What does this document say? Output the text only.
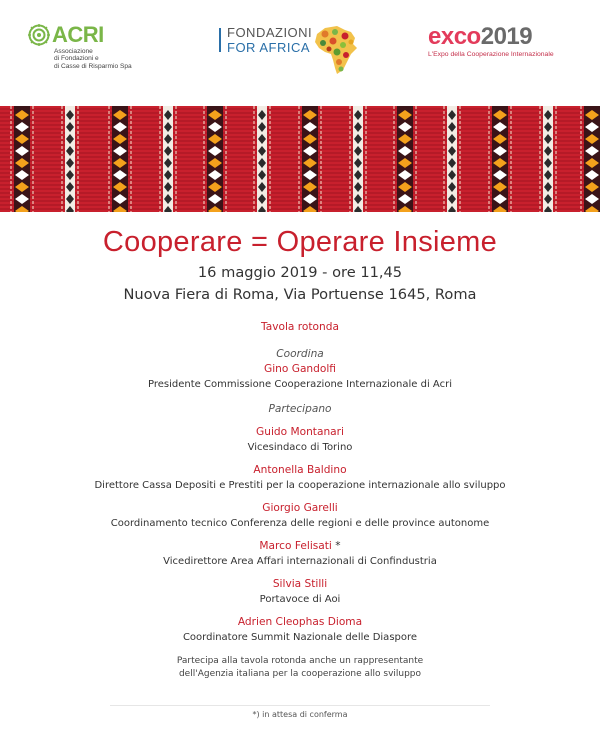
ACRI
Associazione
di Fondazioni e
di Casse di Risparmio Spa
FONDAZIONI
FOR AFRICA	exco2019
L'Expo della Cooperazione Internazionale
Cooperare = Operare Insieme
16 maggio 2019 - ore 11,45
Nuova Fiera di Roma, Via Portuense 1645, Roma
Tavola rotonda
Coordina
Gino Gandolfi
Presidente Commissione Cooperazione Internazionale di Acri
Partecipano
Guido Montanari
Vicesindaco di Torino
Antonella Baldino
Direttore Cassa Depositi e Prestiti per la cooperazione internazionale allo sviluppo
Giorgio Garelli
Coordinamento tecnico Conferenza delle regioni e delle province autonome
Marco Felisati *
Vicedirettore Area Affari internazionali di Confindustria
Silvia Stilli
Portavoce di Aoi
Adrien Cleophas Dioma
Coordinatore Summit Nazionale delle Diaspore
Partecipa alla tavola rotonda anche un rappresentante
dell'Agenzia italiana per la cooperazione allo sviluppo
*) in attesa di conferma
